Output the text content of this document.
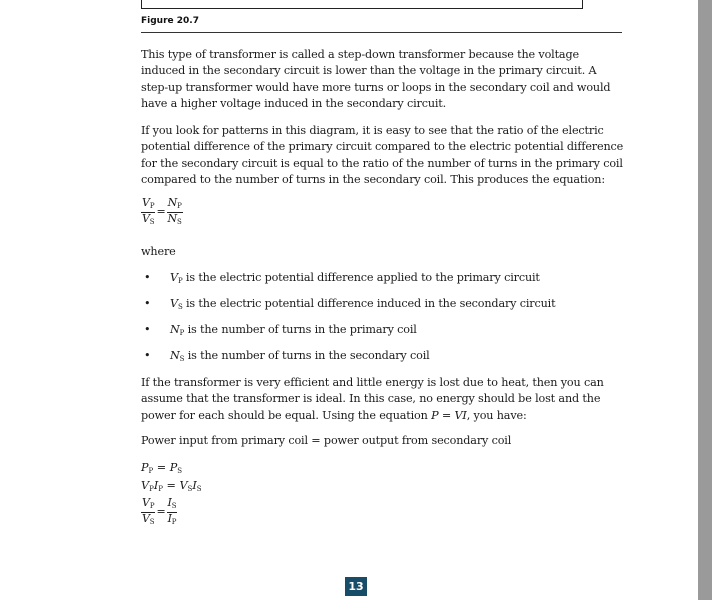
Figure 20.7
This type of transformer is called a step-down transformer because the voltage induced in the secondary circuit is lower than the voltage in the primary circuit. A step-up transformer would have more turns or loops in the secondary coil and would have a higher voltage induced in the secondary circuit.
If you look for patterns in this diagram, it is easy to see that the ratio of the electric potential difference of the primary circuit compared to the electric potential difference for the secondary circuit is equal to the ratio of the number of turns in the primary coil compared to the number of turns in the secondary coil. This produces the equation:
$\frac{V_P}{V_S} = \frac{N_P}{N_S}$
where
• $V_P$ is the electric potential difference applied to the primary circuit
• $V_S$ is the electric potential difference induced in the secondary circuit
• $N_P$ is the number of turns in the primary coil
• $N_S$ is the number of turns in the secondary coil
If the transformer is very efficient and little energy is lost due to heat, then you can assume that the transformer is ideal. In this case, no energy should be lost and the power for each should be equal. Using the equation P = VI, you have:
Power input from primary coil = power output from secondary coil
$P_P = P_S$
$V_PI_P = V_SI_S$
$\frac{V_P}{V_S} = \frac{I_S}{I_P}$
13
